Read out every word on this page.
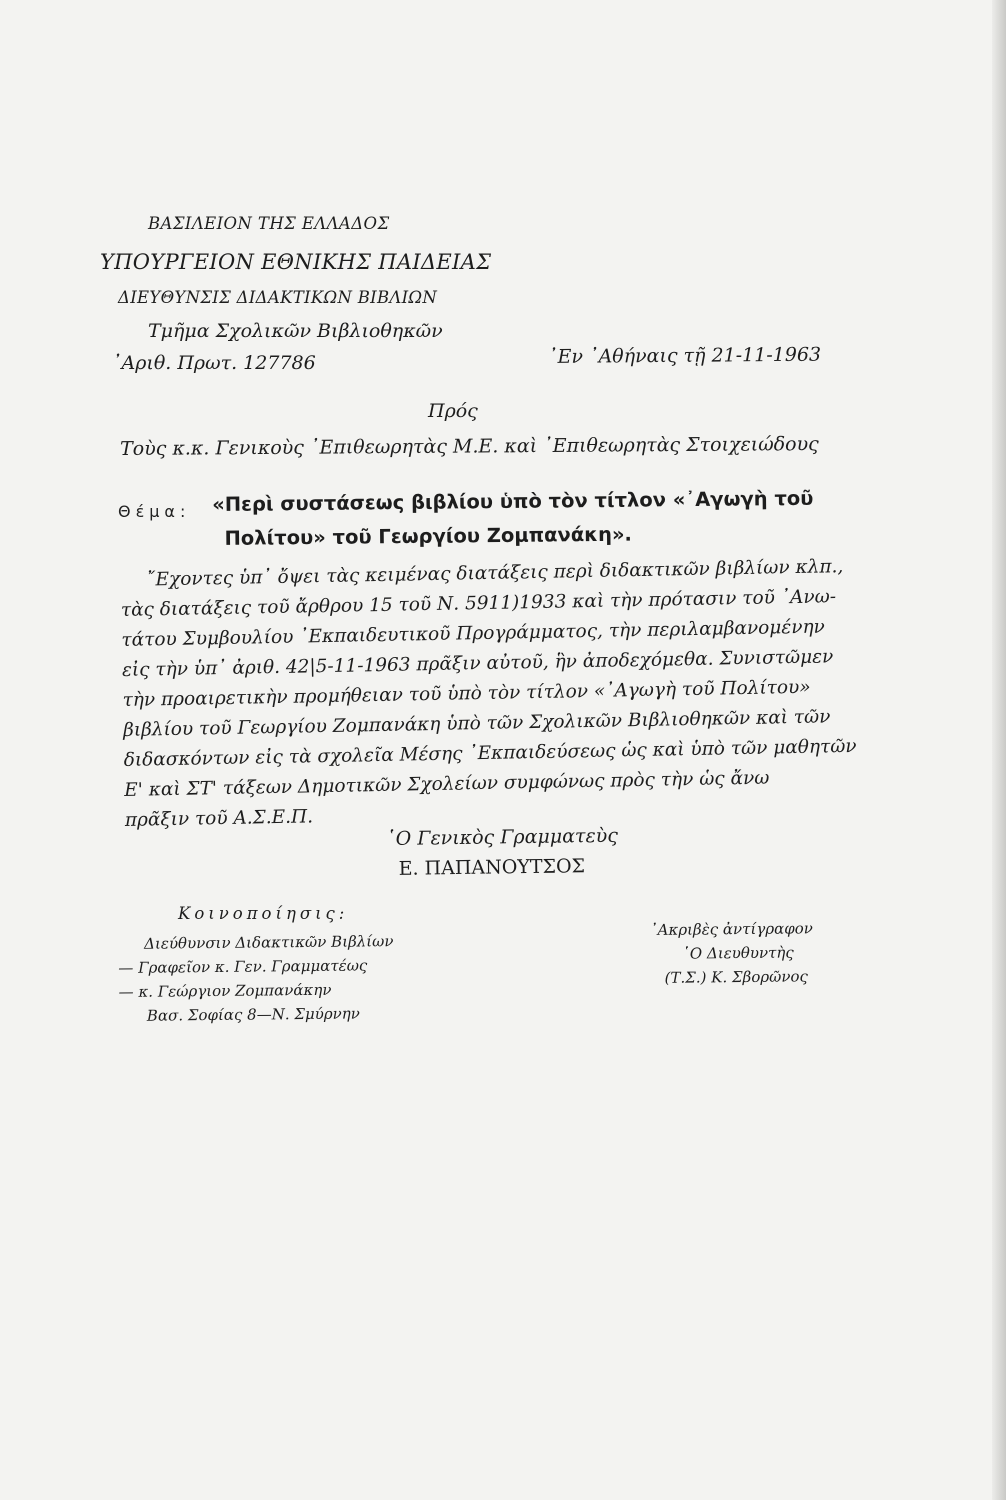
ΒΑΣΙΛΕΙΟΝ ΤΗΣ ΕΛΛΑΔΟΣ
ΥΠΟΥΡΓΕΙΟΝ ΕΘΝΙΚΗΣ ΠΑΙΔΕΙΑΣ
ΔΙΕΥΘΥΝΣΙΣ ΔΙΔΑΚΤΙΚΩΝ ΒΙΒΛΙΩΝ
Τμῆμα Σχολικῶν Βιβλιοθηκῶν
᾽Αριθ. Πρωτ. 127786	᾽Εν ᾽Αθήναις τῇ 21-11-1963
Πρός
Τοὺς κ.κ. Γενικοὺς ᾽Επιθεωρητὰς Μ.Ε. καὶ ᾽Επιθεωρητὰς Στοιχειώδους
Θέμα: «Περὶ συστάσεως βιβλίου ὑπὸ τὸν τίτλον «᾽Αγωγὴ τοῦ
Πολίτου» τοῦ Γεωργίου Ζομπανάκη».
῎Εχοντες ὑπ᾽ ὄψει τὰς κειμένας διατάξεις περὶ διδακτικῶν βιβλίων κλπ.,
τὰς διατάξεις τοῦ ἄρθρου 15 τοῦ Ν. 5911)1933 καὶ τὴν πρότασιν τοῦ ᾽Ανω-
τάτου Συμβουλίου ᾽Εκπαιδευτικοῦ Προγράμματος, τὴν περιλαμβανομένην
εἰς τὴν ὑπ᾽ ἀριθ. 42|5-11-1963 πρᾶξιν αὐτοῦ, ἣν ἀποδεχόμεθα. Συνιστῶμεν
τὴν προαιρετικὴν προμήθειαν τοῦ ὑπὸ τὸν τίτλον «᾽Αγωγὴ τοῦ Πολίτου»
βιβλίου τοῦ Γεωργίου Ζομπανάκη ὑπὸ τῶν Σχολικῶν Βιβλιοθηκῶν καὶ τῶν
διδασκόντων εἰς τὰ σχολεῖα Μέσης ᾽Εκπαιδεύσεως ὡς καὶ ὑπὸ τῶν μαθητῶν
Ε' καὶ ΣΤ' τάξεων Δημοτικῶν Σχολείων συμφώνως πρὸς τὴν ὡς ἄνω
πρᾶξιν τοῦ Α.Σ.Ε.Π.
῾Ο Γενικὸς Γραμματεὺς
Ε. ΠΑΠΑΝΟΥΤΣΟΣ
Κοινοποίησις:
Διεύθυνσιν Διδακτικῶν Βιβλίων
— Γραφεῖον κ. Γεν. Γραμματέως
— κ. Γεώργιον Ζομπανάκην
Βασ. Σοφίας 8—Ν. Σμύρνην
᾽Ακριβὲς ἀντίγραφον
῾Ο Διευθυντὴς
(Τ.Σ.) Κ. Σβορῶνος
